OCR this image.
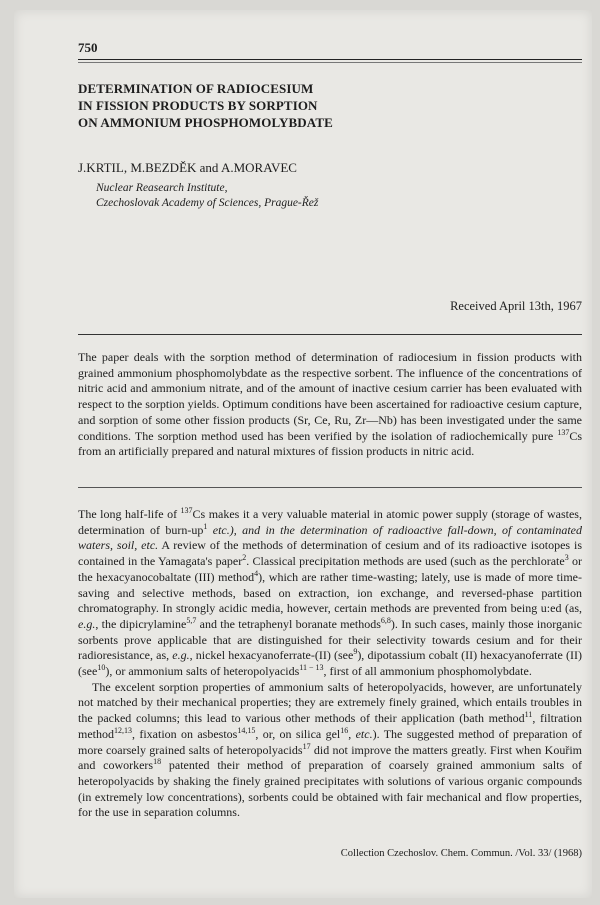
750
DETERMINATION OF RADIOCESIUM
IN FISSION PRODUCTS BY SORPTION
ON AMMONIUM PHOSPHOMOLYBDATE
J.KRTIL, M.BEZDĚK and A.MORAVEC
Nuclear Reasearch Institute,
Czechoslovak Academy of Sciences, Prague-Řež
Received April 13th, 1967
The paper deals with the sorption method of determination of radiocesium in fission products with grained ammonium phosphomolybdate as the respective sorbent. The influence of the concentrations of nitric acid and ammonium nitrate, and of the amount of inactive cesium carrier has been evaluated with respect to the sorption yields. Optimum conditions have been ascertained for radioactive cesium capture, and sorption of some other fission products (Sr, Ce, Ru, Zr—Nb) has been investigated under the same conditions. The sorption method used has been verified by the isolation of radiochemically pure $^{137}$Cs from an artificially prepared and natural mixtures of fission products in nitric acid.

The long half-life of $^{137}$Cs makes it a very valuable material in atomic power supply (storage of wastes, determination of burn-$up^1$ etc.), and in the determination of radioactive fall-down, of contaminated waters, soil, etc. A review of the methods of determination of cesium and of its radioactive isotopes is contained in the Yamagata's paper$^2$. Classical precipitation methods are used (such as the perchlorate$^3$ or the hexacyanocobaltate (III) method$^4$), which are rather time-wasting; lately, use is made of more time-saving and selective methods, based on extraction, ion exchange, and reversed-phase partition chromatography. In strongly acidic media, however, certain methods are prevented from being u:ed (as, e.g., the dipicrylamine$^{5,7}$ and the tetraphenyl boranate methods$^{6,8}$). In such cases, mainly those inorganic sorbents prove applicable that are distinguished for their selectivity towards cesium and for their radioresistance, as, e.g., nickel hexacyanoferrate-(II) (see$^9$), dipotassium cobalt (II) hexacyanoferrate (II) (see$^{10}$), or ammonium salts of heteropolyacids$^{11 - 13}$, first of all ammonium phosphomolybdate.

The excelent sorption properties of ammonium salts of heteropolyacids, however, are unfortunately not matched by their mechanical properties; they are extremely finely grained, which entails troubles in the packed columns; this lead to various other methods of their application (bath method$^{11}$, filtration method$^{12,13}$, fixation on asbestos$^{14,15}$, or, on silica gel$^{16}$, etc.). The suggested method of preparation of more coarsely grained salts of heteropolyacids$^{17}$ did not improve the matters greatly. First when Kouřim and coworkers$^{18}$ patented their method of preparation of coarsely grained ammonium salts of heteropolyacids by shaking the finely grained precipitates with solutions of various organic compounds (in extremely low concentrations), sorbents could be obtained with fair mechanical and flow properties, for the use in separation columns.

Collection Czechoslov. Chem. Commun. /Vol. 33/ (1968)
